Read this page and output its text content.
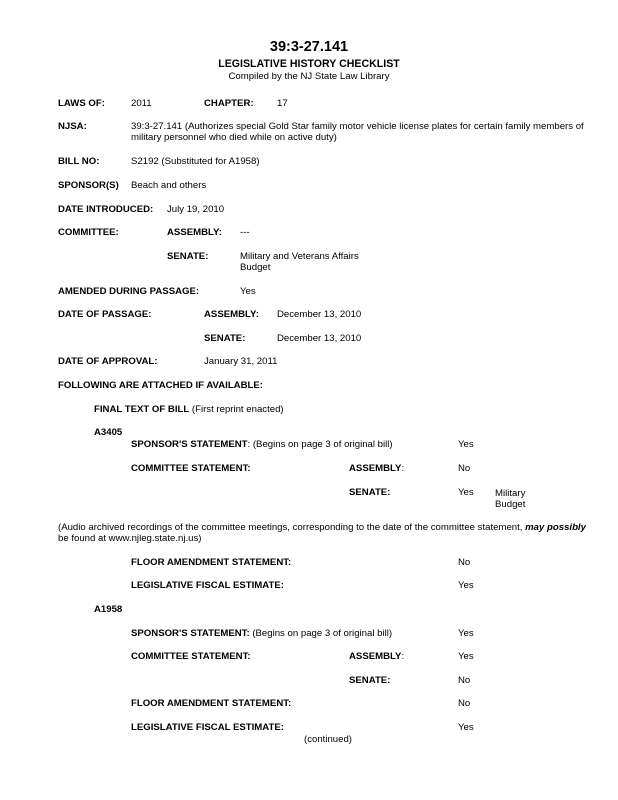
39:3-27.141
LEGISLATIVE HISTORY CHECKLIST
Compiled by the NJ State Law Library
LAWS OF:	2011	CHAPTER: 17
NJSA:	39:3-27.141 (Authorizes special Gold Star family motor vehicle license plates for certain family members of
military personnel who died while on active duty)
BILL NO:	S2192 (Substituted for A1958)
SPONSOR(S) Beach and others
DATE INTRODUCED: July 19, 2010
COMMITTEE:	ASSEMBLY: ---
SENATE:	Military and Veterans Affairs
Budget
AMENDED DURING PASSAGE:	Yes
DATE OF PASSAGE:	ASSEMBLY: December 13, 2010
SENATE:	December 13, 2010
DATE OF APPROVAL:	January 31, 2011
FOLLOWING ARE ATTACHED IF AVAILABLE:
FINAL TEXT OF BILL (First reprint enacted)
A3405
SPONSOR'S STATEMENT: (Begins on page 3 of original bill)	Yes
COMMITTEE STATEMENT:	ASSEMBLY:	No
SENATE:	Yes Military
Budget
(Audio archived recordings of the committee meetings, corresponding to the date of the committee statement, may possibly
be found at www.njleg.state.nj.us)
FLOOR AMENDMENT STATEMENT:	No
LEGISLATIVE FISCAL ESTIMATE:	Yes
A1958
SPONSOR'S STATEMENT: (Begins on page 3 of original bill)	Yes
COMMITTEE STATEMENT:	ASSEMBLY:	Yes
SENATE:	No
FLOOR AMENDMENT STATEMENT:	No
LEGISLATIVE FISCAL ESTIMATE:	Yes
(continued)
